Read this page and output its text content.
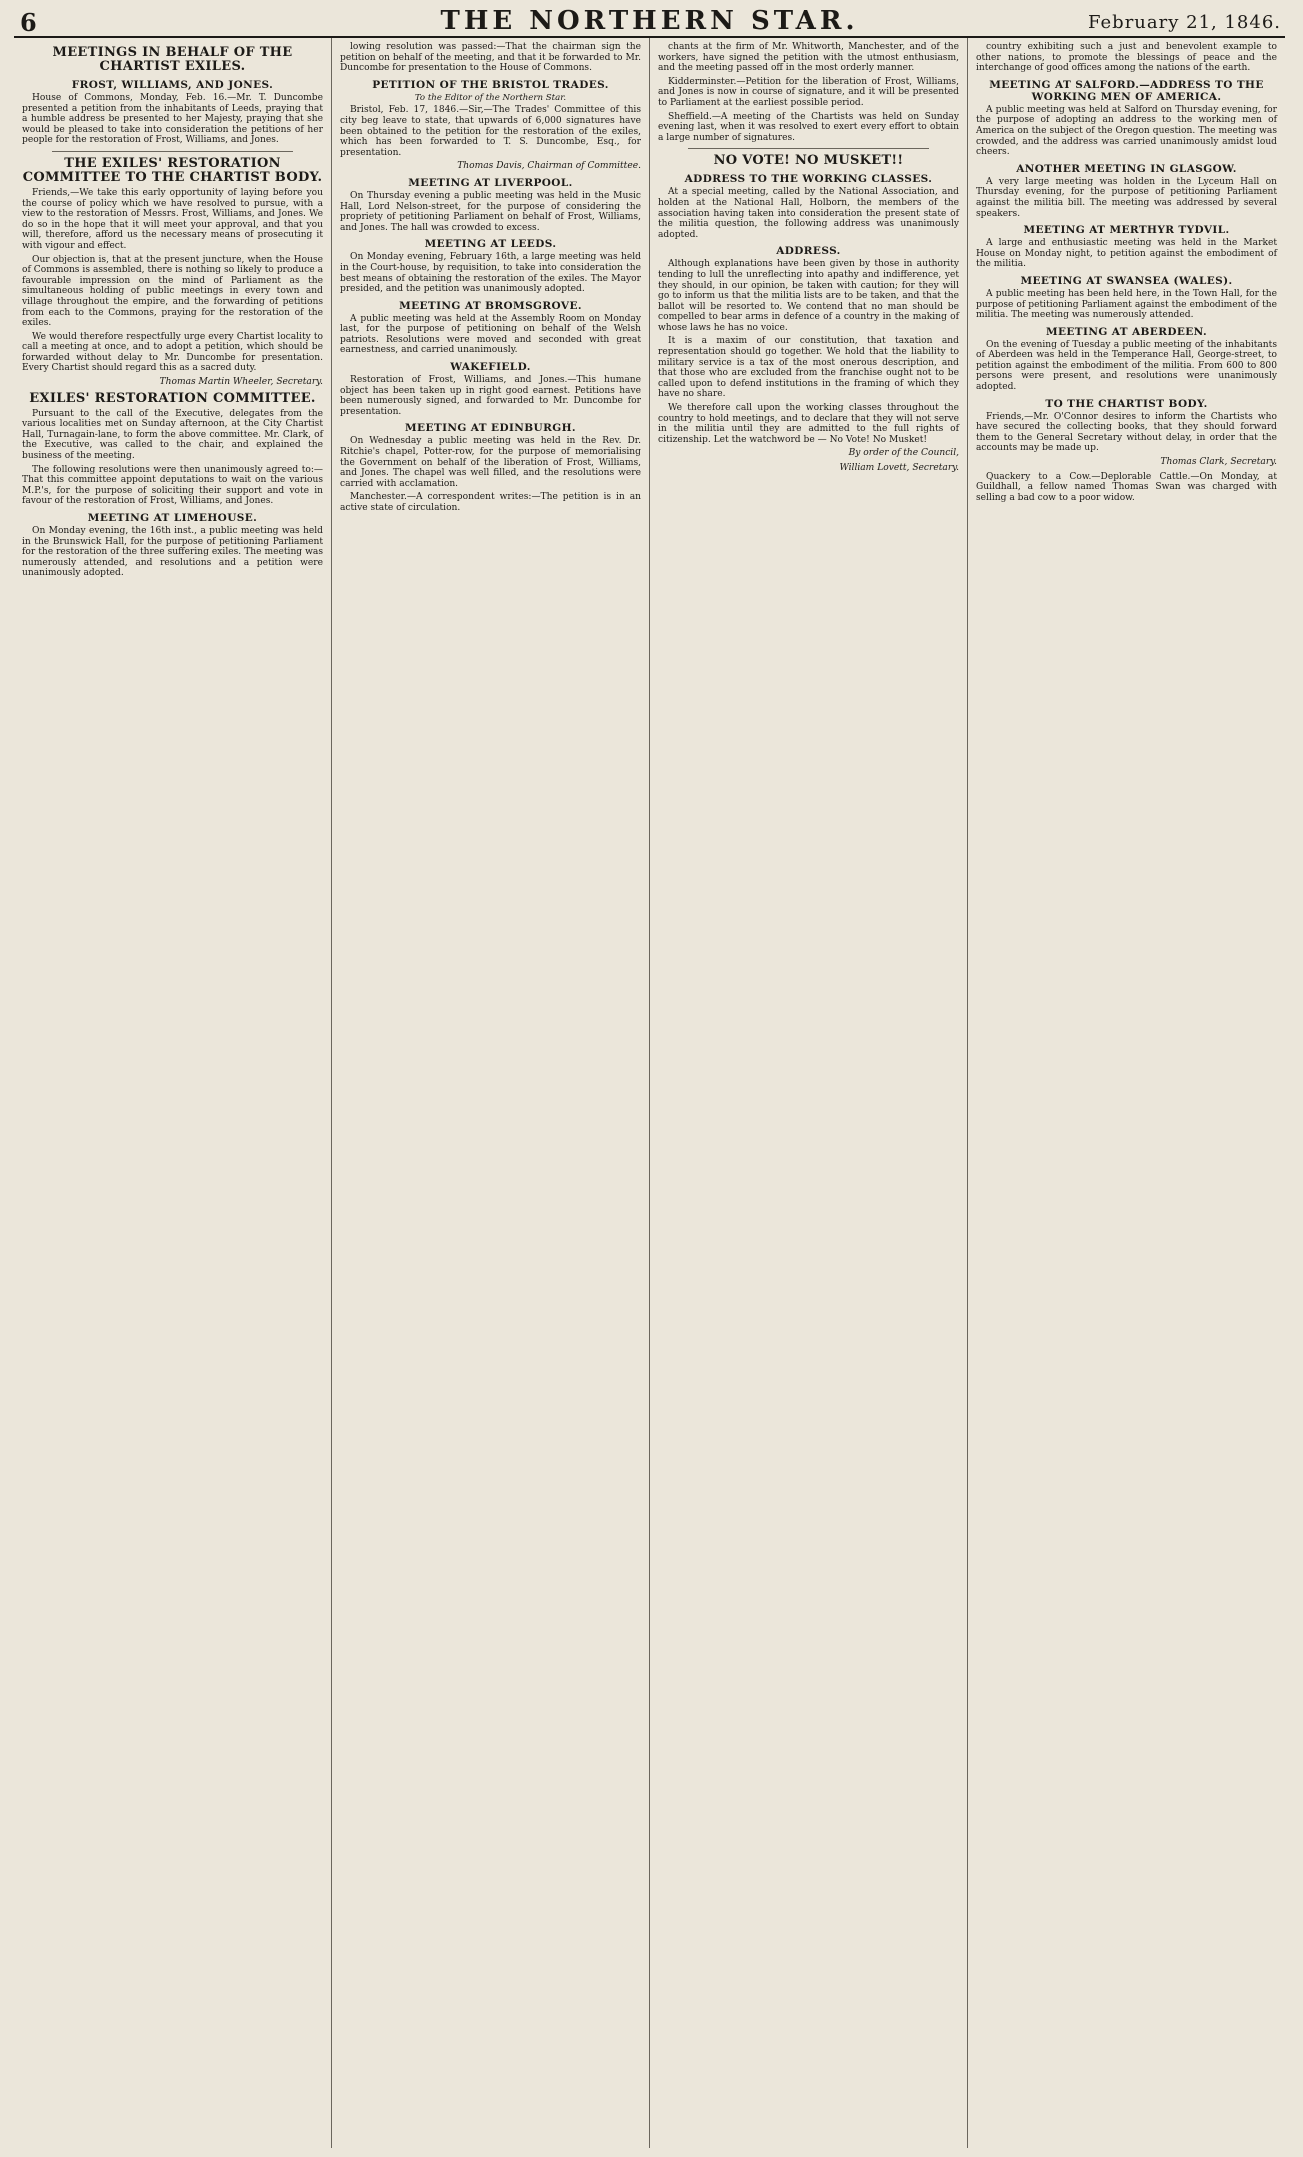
6	THE NORTHERN STAR.	February 21, 1846.
MEETINGS IN BEHALF OF THE CHARTIST EXILES.
FROST, WILLIAMS, AND JONES.

House of Commons, Monday, Feb. 16.—Mr. T. Duncombe presented a petition from the inhabitants of Leeds, praying that a humble address be presented to her Majesty, praying that she would be pleased to take into consideration the petitions of her people for the restoration of Frost, Williams, and Jones.

THE EXILES' RESTORATION COMMITTEE TO THE CHARTIST BODY.

Friends,—We take this early opportunity of laying before you the course of policy which we have resolved to pursue, with a view to the restoration of Messrs. Frost, Williams, and Jones. We do so in the hope that it will meet your approval, and that you will, therefore, afford us the necessary means of prosecuting it with vigour and effect.

Our objection is, that at the present juncture, when the House of Commons is assembled, there is nothing so likely to produce a favourable impression on the mind of Parliament as the simultaneous holding of public meetings in every town and village throughout the empire, and the forwarding of petitions from each to the Commons, praying for the restoration of the exiles.

We would therefore respectfully urge every Chartist locality to call a meeting at once, and to adopt a petition, which should be forwarded without delay to Mr. Duncombe for presentation. Every Chartist should regard this as a sacred duty.

Thomas Martin Wheeler, Secretary.
EXILES' RESTORATION COMMITTEE.

Pursuant to the call of the Executive, delegates from the various localities met on Sunday afternoon, at the City Chartist Hall, Turnagain-lane, to form the above committee. Mr. Clark, of the Executive, was called to the chair, and explained the business of the meeting.

The following resolutions were then unanimously agreed to:—That this committee appoint deputations to wait on the various M.P.'s, for the purpose of soliciting their support and vote in favour of the restoration of Frost, Williams, and Jones.

MEETING AT LIMEHOUSE.

On Monday evening, the 16th inst., a public meeting was held in the Brunswick Hall, for the purpose of petitioning Parliament for the restoration of the three suffering exiles. The meeting was numerously attended, and resolutions and a petition were unanimously adopted.

lowing resolution was passed:—That the chairman sign the petition on behalf of the meeting, and that it be forwarded to Mr. Duncombe for presentation to the House of Commons.

PETITION OF THE BRISTOL TRADES.
To the Editor of the Northern Star.

Bristol, Feb. 17, 1846.—Sir,—The Trades' Committee of this city beg leave to state, that upwards of 6,000 signatures have been obtained to the petition for the restoration of the exiles, which has been forwarded to T. S. Duncombe, Esq., for presentation.

Thomas Davis, Chairman of Committee.
MEETING AT LIVERPOOL.

On Thursday evening a public meeting was held in the Music Hall, Lord Nelson-street, for the purpose of considering the propriety of petitioning Parliament on behalf of Frost, Williams, and Jones. The hall was crowded to excess.

MEETING AT LEEDS.

On Monday evening, February 16th, a large meeting was held in the Court-house, by requisition, to take into consideration the best means of obtaining the restoration of the exiles. The Mayor presided, and the petition was unanimously adopted.

MEETING AT BROMSGROVE.

A public meeting was held at the Assembly Room on Monday last, for the purpose of petitioning on behalf of the Welsh patriots. Resolutions were moved and seconded with great earnestness, and carried unanimously.

WAKEFIELD.

Restoration of Frost, Williams, and Jones.—This humane object has been taken up in right good earnest. Petitions have been numerously signed, and forwarded to Mr. Duncombe for presentation.

MEETING AT EDINBURGH.

On Wednesday a public meeting was held in the Rev. Dr. Ritchie's chapel, Potter-row, for the purpose of memorialising the Government on behalf of the liberation of Frost, Williams, and Jones. The chapel was well filled, and the resolutions were carried with acclamation.

Manchester.—A correspondent writes:—The petition is in an active state of circulation.

chants at the firm of Mr. Whitworth, Manchester, and of the workers, have signed the petition with the utmost enthusiasm, and the meeting passed off in the most orderly manner.

Kidderminster.—Petition for the liberation of Frost, Williams, and Jones is now in course of signature, and it will be presented to Parliament at the earliest possible period.

Sheffield.—A meeting of the Chartists was held on Sunday evening last, when it was resolved to exert every effort to obtain a large number of signatures.

NO VOTE! NO MUSKET!!
ADDRESS TO THE WORKING CLASSES.

At a special meeting, called by the National Association, and holden at the National Hall, Holborn, the members of the association having taken into consideration the present state of the militia question, the following address was unanimously adopted.

ADDRESS.

Although explanations have been given by those in authority tending to lull the unreflecting into apathy and indifference, yet they should, in our opinion, be taken with caution; for they will go to inform us that the militia lists are to be taken, and that the ballot will be resorted to. We contend that no man should be compelled to bear arms in defence of a country in the making of whose laws he has no voice.

It is a maxim of our constitution, that taxation and representation should go together. We hold that the liability to military service is a tax of the most onerous description, and that those who are excluded from the franchise ought not to be called upon to defend institutions in the framing of which they have no share.

We therefore call upon the working classes throughout the country to hold meetings, and to declare that they will not serve in the militia until they are admitted to the full rights of citizenship. Let the watchword be — No Vote! No Musket!

By order of the Council,
William Lovett, Secretary.

country exhibiting such a just and benevolent example to other nations, to promote the blessings of peace and the interchange of good offices among the nations of the earth.

MEETING AT SALFORD.—ADDRESS TO THE WORKING MEN OF AMERICA.

A public meeting was held at Salford on Thursday evening, for the purpose of adopting an address to the working men of America on the subject of the Oregon question. The meeting was crowded, and the address was carried unanimously amidst loud cheers.

ANOTHER MEETING IN GLASGOW.

A very large meeting was holden in the Lyceum Hall on Thursday evening, for the purpose of petitioning Parliament against the militia bill. The meeting was addressed by several speakers.

MEETING AT MERTHYR TYDVIL.

A large and enthusiastic meeting was held in the Market House on Monday night, to petition against the embodiment of the militia.

MEETING AT SWANSEA (WALES).

A public meeting has been held here, in the Town Hall, for the purpose of petitioning Parliament against the embodiment of the militia. The meeting was numerously attended.

MEETING AT ABERDEEN.

On the evening of Tuesday a public meeting of the inhabitants of Aberdeen was held in the Temperance Hall, George-street, to petition against the embodiment of the militia. From 600 to 800 persons were present, and resolutions were unanimously adopted.

TO THE CHARTIST BODY.

Friends,—Mr. O'Connor desires to inform the Chartists who have secured the collecting books, that they should forward them to the General Secretary without delay, in order that the accounts may be made up.

Thomas Clark, Secretary.

Quackery to a Cow.—Deplorable Cattle.—On Monday, at Guildhall, a fellow named Thomas Swan was charged with selling a bad cow to a poor widow.
